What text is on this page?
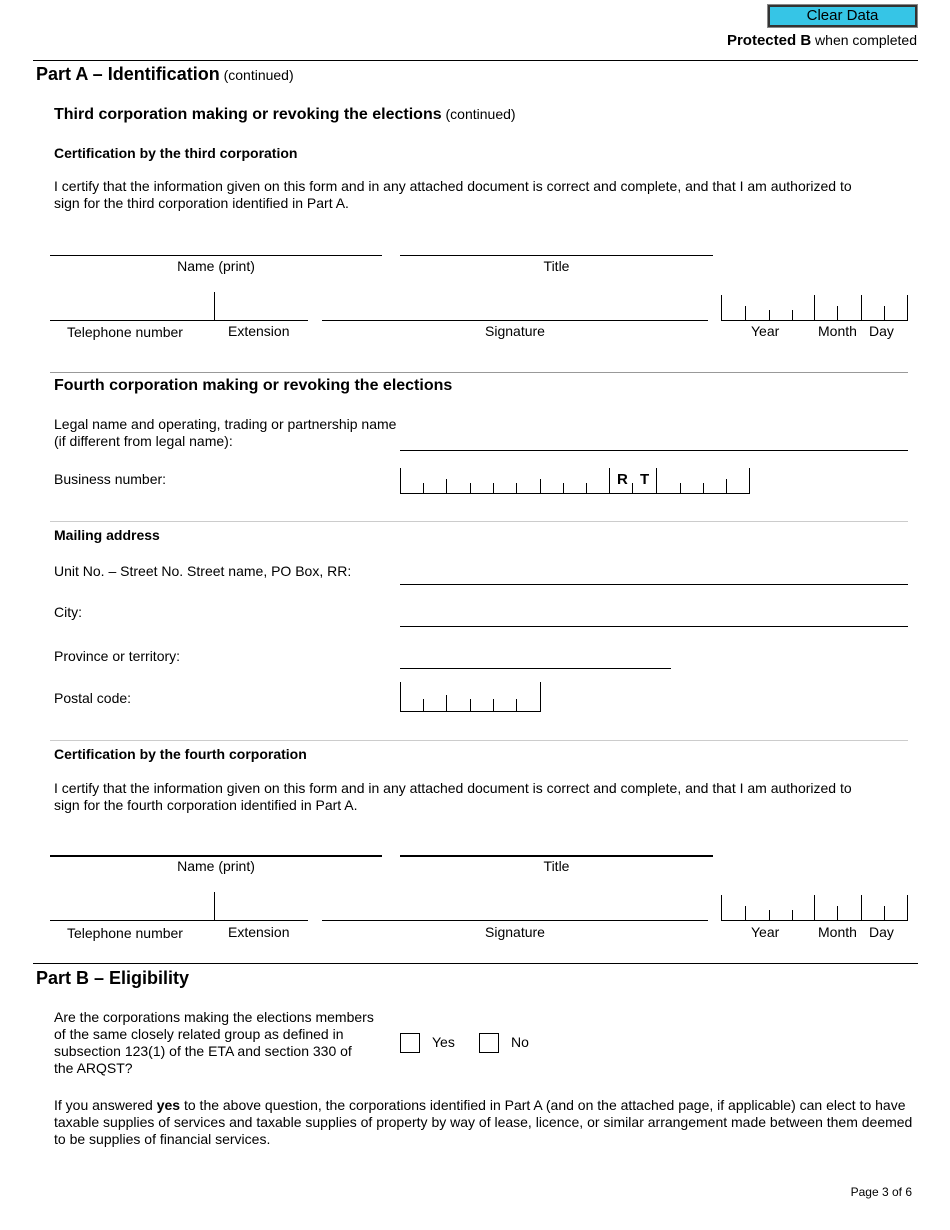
Clear Data
Protected B when completed
Part A – Identification (continued)
Third corporation making or revoking the elections (continued)
Certification by the third corporation
I certify that the information given on this form and in any attached document is correct and complete, and that I am authorized to sign for the third corporation identified in Part A.
Name (print)	Title
Telephone number	Extension	Signature	Year	Month Day
Fourth corporation making or revoking the elections
Legal name and operating, trading or partnership name (if different from legal name):
Business number:	R T
Mailing address
Unit No. – Street No. Street name, PO Box, RR:
City:
Province or territory:
Postal code:
Certification by the fourth corporation
I certify that the information given on this form and in any attached document is correct and complete, and that I am authorized to sign for the fourth corporation identified in Part A.
Name (print)	Title
Telephone number	Extension	Signature	Year	Month Day
Part B – Eligibility
Are the corporations making the elections members of the same closely related group as defined in subsection 123(1) of the ETA and section 330 of the ARQST?
Yes	No
If you answered yes to the above question, the corporations identified in Part A (and on the attached page, if applicable) can elect to have taxable supplies of services and taxable supplies of property by way of lease, licence, or similar arrangement made between them deemed to be supplies of financial services.
Page 3 of 6
